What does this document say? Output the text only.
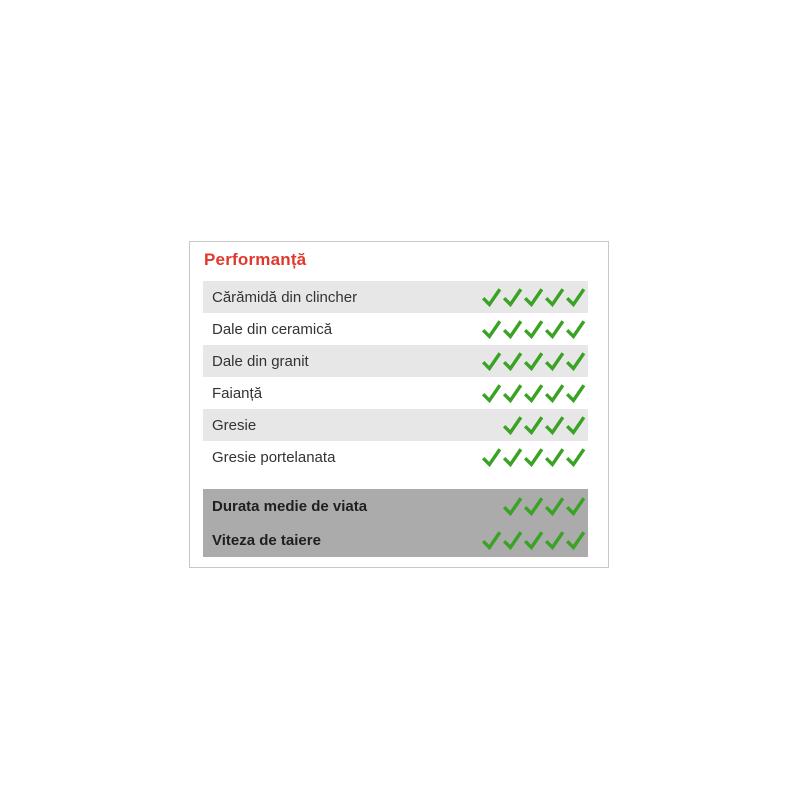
Performanță
Cărămidă din clincher
Dale din ceramică
Dale din granit
Faianță
Gresie
Gresie portelanata
Durata medie de viata
Viteza de taiere
